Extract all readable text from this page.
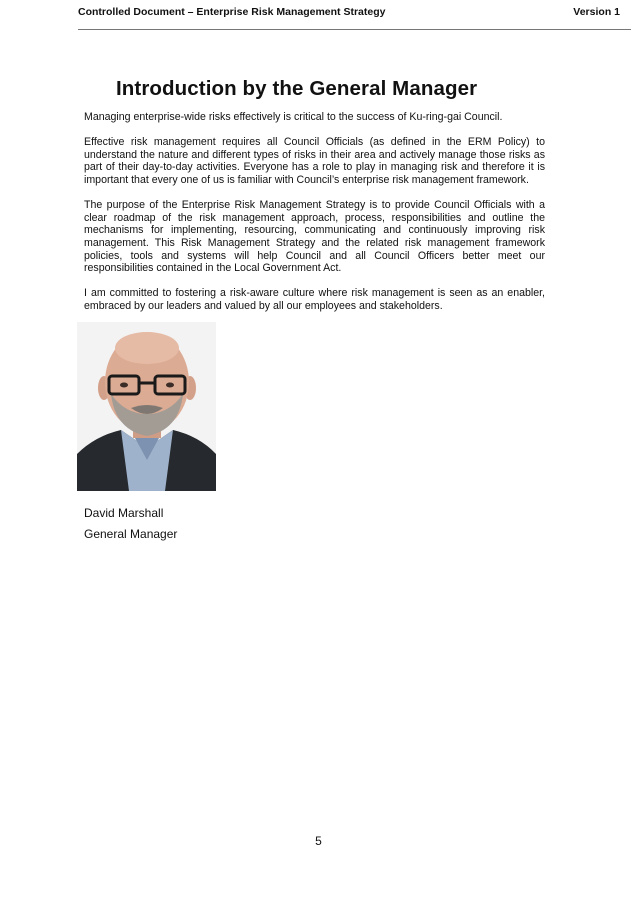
Controlled Document – Enterprise Risk Management Strategy	Version 1
Introduction by the General Manager

Managing enterprise-wide risks effectively is critical to the success of Ku-ring-gai Council.

Effective risk management requires all Council Officials (as defined in the ERM Policy) to understand the nature and different types of risks in their area and actively manage those risks as part of their day-to-day activities. Everyone has a role to play in managing risk and therefore it is important that every one of us is familiar with Council’s enterprise risk management framework.

The purpose of the Enterprise Risk Management Strategy is to provide Council Officials with a clear roadmap of the risk management approach, process, responsibilities and outline the mechanisms for implementing, resourcing, communicating and continuously improving risk management. This Risk Management Strategy and the related risk management framework policies, tools and systems will help Council and all Council Officers better meet our responsibilities contained in the Local Government Act.

I am committed to fostering a risk-aware culture where risk management is seen as an enabler, embraced by our leaders and valued by all our employees and stakeholders.

David Marshall
General Manager
5
